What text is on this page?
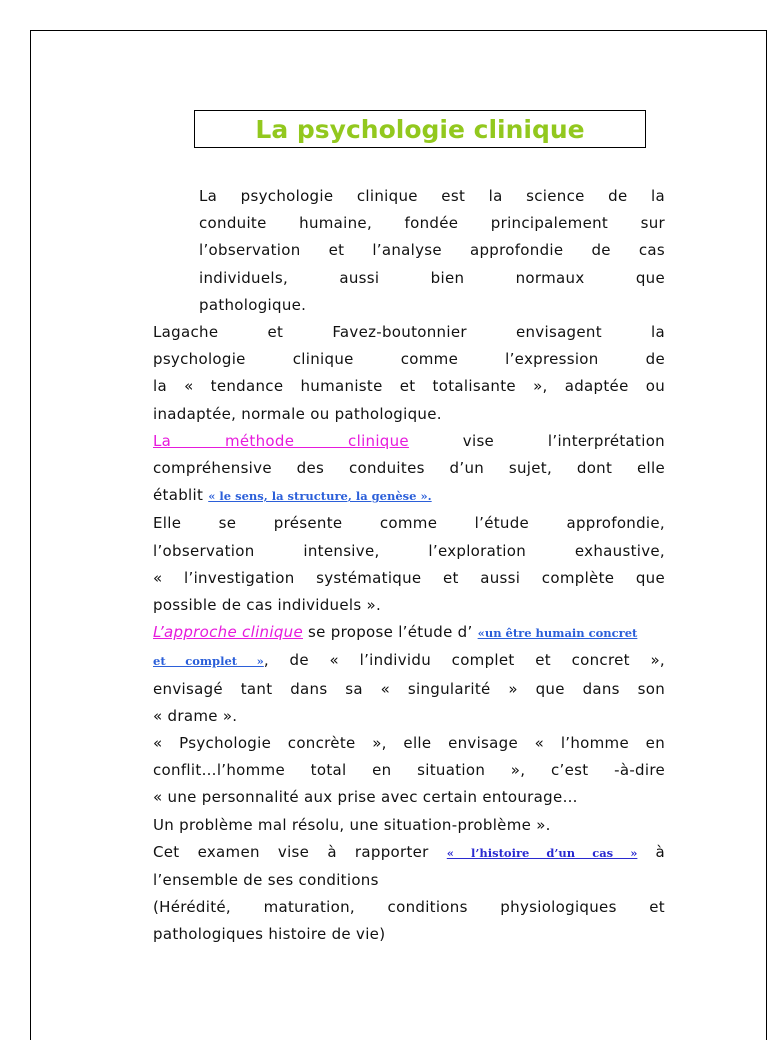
La psychologie clinique

La psychologie clinique est la science de la

conduite humaine, fondée principalement sur

l’observation et l’analyse approfondie de cas

individuels, aussi bien normaux que

pathologique.

Lagache et Favez-boutonnier envisagent la

psychologie clinique comme l’expression de

la « tendance humaniste et totalisante », adaptée ou

inadaptée, normale ou pathologique.

La méthode clinique	vise l’interprétation

compréhensive des conduites d’un sujet, dont elle

établit « le sens, la structure, la genèse ».

Elle se présente comme l’étude approfondie,

l’observation intensive, l’exploration exhaustive,

« l’investigation systématique et aussi complète que

possible de cas individuels ».

L’approche clinique se propose l’étude d’ «un être humain concret

et complet », de « l’individu complet et concret »,

envisagé tant dans sa « singularité » que dans son

« drame ».

« Psychologie concrète », elle envisage « l’homme en

conflit…l’homme total en situation », c’est -à-dire

« une personnalité aux prise avec certain entourage…

Un problème mal résolu, une situation-problème ».

Cet examen vise à rapporter « l’histoire d’un cas » à

l’ensemble de ses conditions

(Hérédité, maturation, conditions physiologiques et

pathologiques histoire de vie)
